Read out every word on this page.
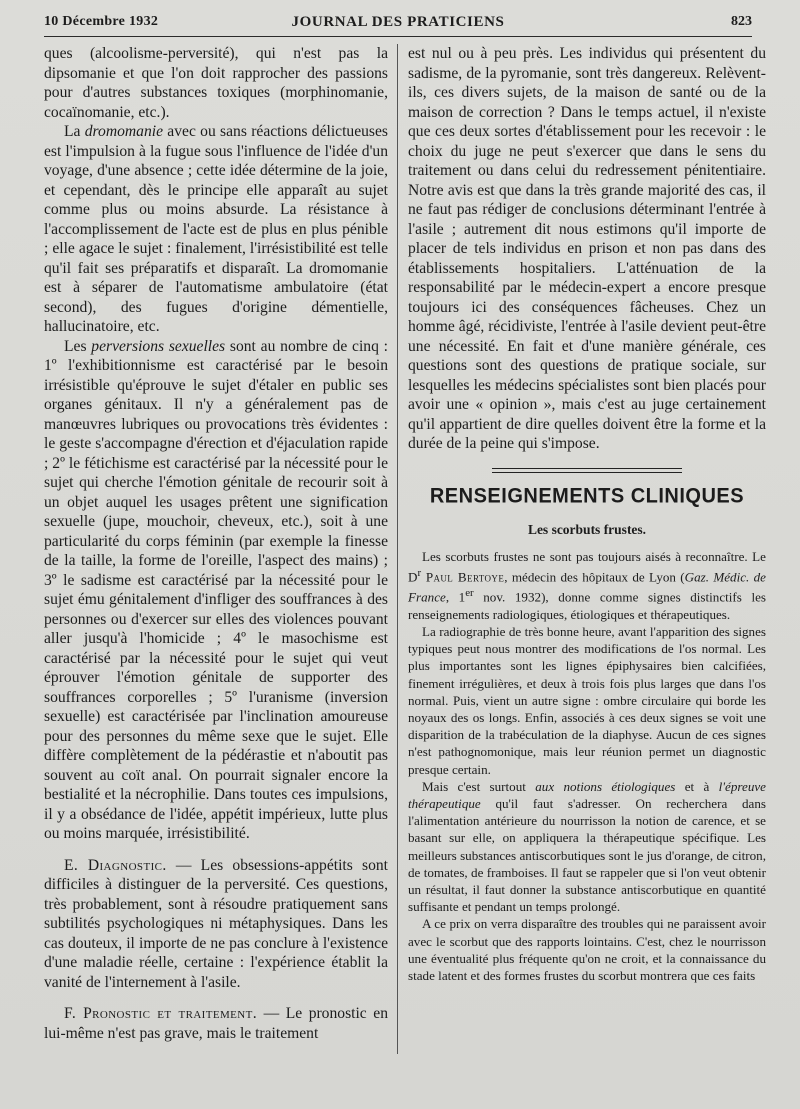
10 Décembre 1932	JOURNAL DES PRATICIENS	823

ques (alcoolisme-perversité), qui n'est pas la dipsomanie et que l'on doit rapprocher des passions pour d'autres substances toxiques (morphinomanie, cocaïnomanie, etc.).

La dromomanie avec ou sans réactions délictueuses est l'impulsion à la fugue sous l'influence de l'idée d'un voyage, d'une absence ; cette idée détermine de la joie, et cependant, dès le principe elle apparaît au sujet comme plus ou moins absurde. La résistance à l'accomplissement de l'acte est de plus en plus pénible ; elle agace le sujet : finalement, l'irrésistibilité est telle qu'il fait ses préparatifs et disparaît. La dromomanie est à séparer de l'automatisme ambulatoire (état second), des fugues d'origine démentielle, hallucinatoire, etc.

Les perversions sexuelles sont au nombre de cinq : 1º l'exhibitionnisme est caractérisé par le besoin irrésistible qu'éprouve le sujet d'étaler en public ses organes génitaux. Il n'y a généralement pas de manœuvres lubriques ou provocations très évidentes : le geste s'accompagne d'érection et d'éjaculation rapide ; 2º le fétichisme est caractérisé par la nécessité pour le sujet qui cherche l'émotion génitale de recourir soit à un objet auquel les usages prêtent une signification sexuelle (jupe, mouchoir, cheveux, etc.), soit à une particularité du corps féminin (par exemple la finesse de la taille, la forme de l'oreille, l'aspect des mains) ; 3º le sadisme est caractérisé par la nécessité pour le sujet ému génitalement d'infliger des souffrances à des personnes ou d'exercer sur elles des violences pouvant aller jusqu'à l'homicide ; 4º le masochisme est caractérisé par la nécessité pour le sujet qui veut éprouver l'émotion génitale de supporter des souffrances corporelles ; 5º l'uranisme (inversion sexuelle) est caractérisée par l'inclination amoureuse pour des personnes du même sexe que le sujet. Elle diffère complètement de la pédérastie et n'aboutit pas souvent au coït anal. On pourrait signaler encore la bestialité et la nécrophilie. Dans toutes ces impulsions, il y a obsédance de l'idée, appétit impérieux, lutte plus ou moins marquée, irrésistibilité.

E. Diagnostic. — Les obsessions-appétits sont difficiles à distinguer de la perversité. Ces questions, très probablement, sont à résoudre pratiquement sans subtilités psychologiques ni métaphysiques. Dans les cas douteux, il importe de ne pas conclure à l'existence d'une maladie réelle, certaine : l'expérience établit la vanité de l'internement à l'asile.

F. Pronostic et traitement. — Le pronostic en lui-même n'est pas grave, mais le traitement

est nul ou à peu près. Les individus qui présentent du sadisme, de la pyromanie, sont très dangereux. Relèvent-ils, ces divers sujets, de la maison de santé ou de la maison de correction ? Dans le temps actuel, il n'existe que ces deux sortes d'établissement pour les recevoir : le choix du juge ne peut s'exercer que dans le sens du traitement ou dans celui du redressement pénitentiaire. Notre avis est que dans la très grande majorité des cas, il ne faut pas rédiger de conclusions déterminant l'entrée à l'asile ; autrement dit nous estimons qu'il importe de placer de tels individus en prison et non pas dans des établissements hospitaliers. L'atténuation de la responsabilité par le médecin-expert a encore presque toujours ici des conséquences fâcheuses. Chez un homme âgé, récidiviste, l'entrée à l'asile devient peut-être une nécessité. En fait et d'une manière générale, ces questions sont des questions de pratique sociale, sur lesquelles les médecins spécialistes sont bien placés pour avoir une « opinion », mais c'est au juge certainement qu'il appartient de dire quelles doivent être la forme et la durée de la peine qui s'impose.

RENSEIGNEMENTS CLINIQUES
Les scorbuts frustes.

Les scorbuts frustes ne sont pas toujours aisés à reconnaître. Le $D^r$ Paul Bertoye, médecin des hôpitaux de Lyon (Gaz. Médic. de France, 1er nov. 1932), donne comme signes distinctifs les renseignements radiologiques, étiologiques et thérapeutiques.

La radiographie de très bonne heure, avant l'apparition des signes typiques peut nous montrer des modifications de l'os normal. Les plus importantes sont les lignes épiphysaires bien calcifiées, finement irrégulières, et deux à trois fois plus larges que dans l'os normal. Puis, vient un autre signe : ombre circulaire qui borde les noyaux des os longs. Enfin, associés à ces deux signes se voit une disparition de la trabéculation de la diaphyse. Aucun de ces signes n'est pathognomonique, mais leur réunion permet un diagnostic presque certain.

Mais c'est surtout aux notions étiologiques et à l'épreuve thérapeutique qu'il faut s'adresser. On recherchera dans l'alimentation antérieure du nourrisson la notion de carence, et se basant sur elle, on appliquera la thérapeutique spécifique. Les meilleurs substances antiscorbutiques sont le jus d'orange, de citron, de tomates, de framboises. Il faut se rappeler que si l'on veut obtenir un résultat, il faut donner la substance antiscorbutique en quantité suffisante et pendant un temps prolongé.

A ce prix on verra disparaître des troubles qui ne paraissent avoir avec le scorbut que des rapports lointains. C'est, chez le nourrisson une éventualité plus fréquente qu'on ne croit, et la connaissance du stade latent et des formes frustes du scorbut montrera que ces faits
